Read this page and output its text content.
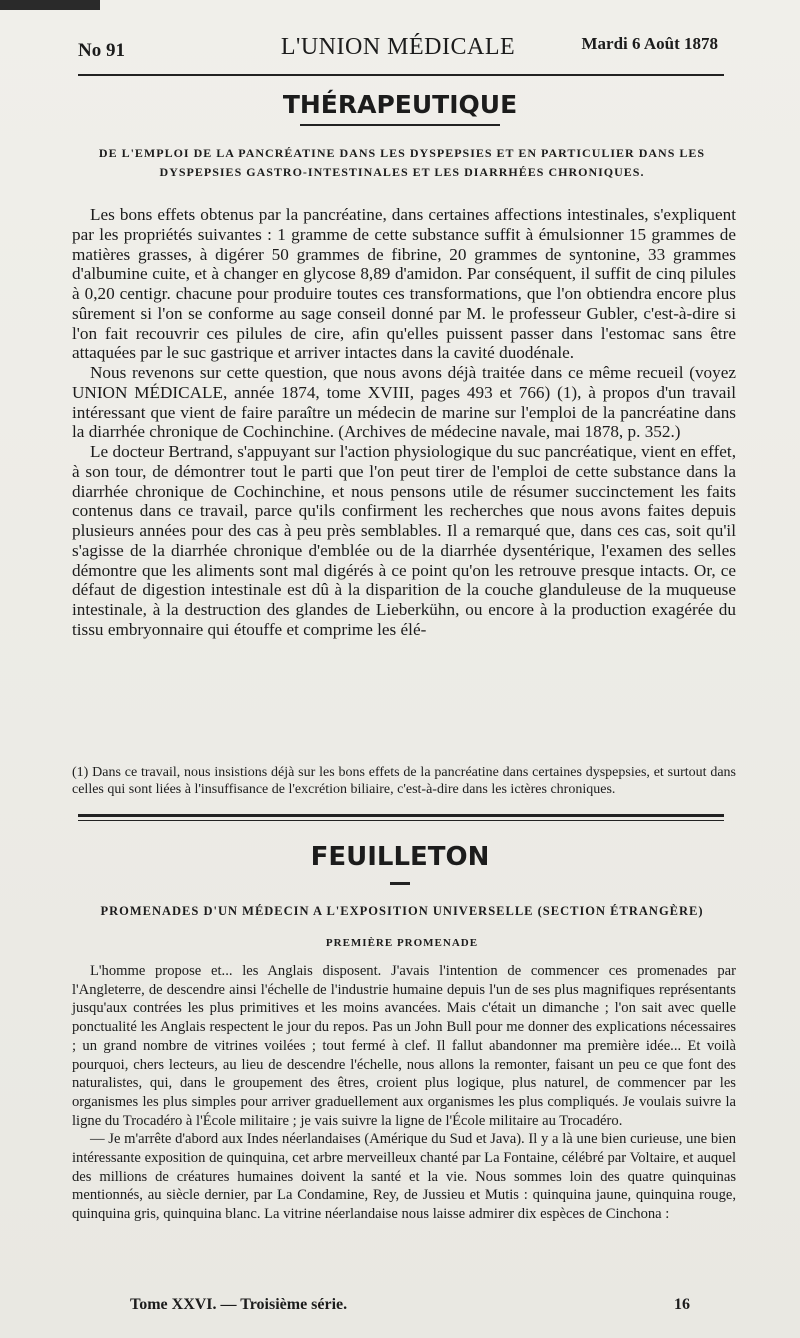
No 91	L'UNION MÉDICALE	Mardi 6 Août 1878
THÉRAPEUTIQUE
DE L'EMPLOI DE LA PANCRÉATINE DANS LES DYSPEPSIES ET EN PARTICULIER DANS LES DYSPEPSIES GASTRO-INTESTINALES ET LES DIARRHÉES CHRONIQUES.

Les bons effets obtenus par la pancréatine, dans certaines affections intestinales, s'expliquent par les propriétés suivantes : 1 gramme de cette substance suffit à émulsionner 15 grammes de matières grasses, à digérer 50 grammes de fibrine, 20 grammes de syntonine, 33 grammes d'albumine cuite, et à changer en glycose 8,89 d'amidon. Par conséquent, il suffit de cinq pilules à 0,20 centigr. chacune pour produire toutes ces transformations, que l'on obtiendra encore plus sûrement si l'on se conforme au sage conseil donné par M. le professeur Gubler, c'est-à-dire si l'on fait recouvrir ces pilules de cire, afin qu'elles puissent passer dans l'estomac sans être attaquées par le suc gastrique et arriver intactes dans la cavité duodénale.

Nous revenons sur cette question, que nous avons déjà traitée dans ce même recueil (voyez UNION MÉDICALE, année 1874, tome XVIII, pages 493 et 766) (1), à propos d'un travail intéressant que vient de faire paraître un médecin de marine sur l'emploi de la pancréatine dans la diarrhée chronique de Cochinchine. (Archives de médecine navale, mai 1878, p. 352.)

Le docteur Bertrand, s'appuyant sur l'action physiologique du suc pancréatique, vient en effet, à son tour, de démontrer tout le parti que l'on peut tirer de l'emploi de cette substance dans la diarrhée chronique de Cochinchine, et nous pensons utile de résumer succinctement les faits contenus dans ce travail, parce qu'ils confirment les recherches que nous avons faites depuis plusieurs années pour des cas à peu près semblables. Il a remarqué que, dans ces cas, soit qu'il s'agisse de la diarrhée chronique d'emblée ou de la diarrhée dysentérique, l'examen des selles démontre que les aliments sont mal digérés à ce point qu'on les retrouve presque intacts. Or, ce défaut de digestion intestinale est dû à la disparition de la couche glanduleuse de la muqueuse intestinale, à la destruction des glandes de Lieberkühn, ou encore à la production exagérée du tissu embryonnaire qui étouffe et comprime les élé-

(1) Dans ce travail, nous insistions déjà sur les bons effets de la pancréatine dans certaines dyspepsies, et surtout dans celles qui sont liées à l'insuffisance de l'excrétion biliaire, c'est-à-dire dans les ictères chroniques.
FEUILLETON
PROMENADES D'UN MÉDECIN A L'EXPOSITION UNIVERSELLE (SECTION ÉTRANGÈRE)
PREMIÈRE PROMENADE

L'homme propose et... les Anglais disposent. J'avais l'intention de commencer ces promenades par l'Angleterre, de descendre ainsi l'échelle de l'industrie humaine depuis l'un de ses plus magnifiques représentants jusqu'aux contrées les plus primitives et les moins avancées. Mais c'était un dimanche ; l'on sait avec quelle ponctualité les Anglais respectent le jour du repos. Pas un John Bull pour me donner des explications nécessaires ; un grand nombre de vitrines voilées ; tout fermé à clef. Il fallut abandonner ma première idée... Et voilà pourquoi, chers lecteurs, au lieu de descendre l'échelle, nous allons la remonter, faisant un peu ce que font des naturalistes, qui, dans le groupement des êtres, croient plus logique, plus naturel, de commencer par les organismes les plus simples pour arriver graduellement aux organismes les plus compliqués. Je voulais suivre la ligne du Trocadéro à l'École militaire ; je vais suivre la ligne de l'École militaire au Trocadéro.

— Je m'arrête d'abord aux Indes néerlandaises (Amérique du Sud et Java). Il y a là une bien curieuse, une bien intéressante exposition de quinquina, cet arbre merveilleux chanté par La Fontaine, célébré par Voltaire, et auquel des millions de créatures humaines doivent la santé et la vie. Nous sommes loin des quatre quinquinas mentionnés, au siècle dernier, par La Condamine, Rey, de Jussieu et Mutis : quinquina jaune, quinquina rouge, quinquina gris, quinquina blanc. La vitrine néerlandaise nous laisse admirer dix espèces de Cinchona :

Tome XXVI. — Troisième série.	16
